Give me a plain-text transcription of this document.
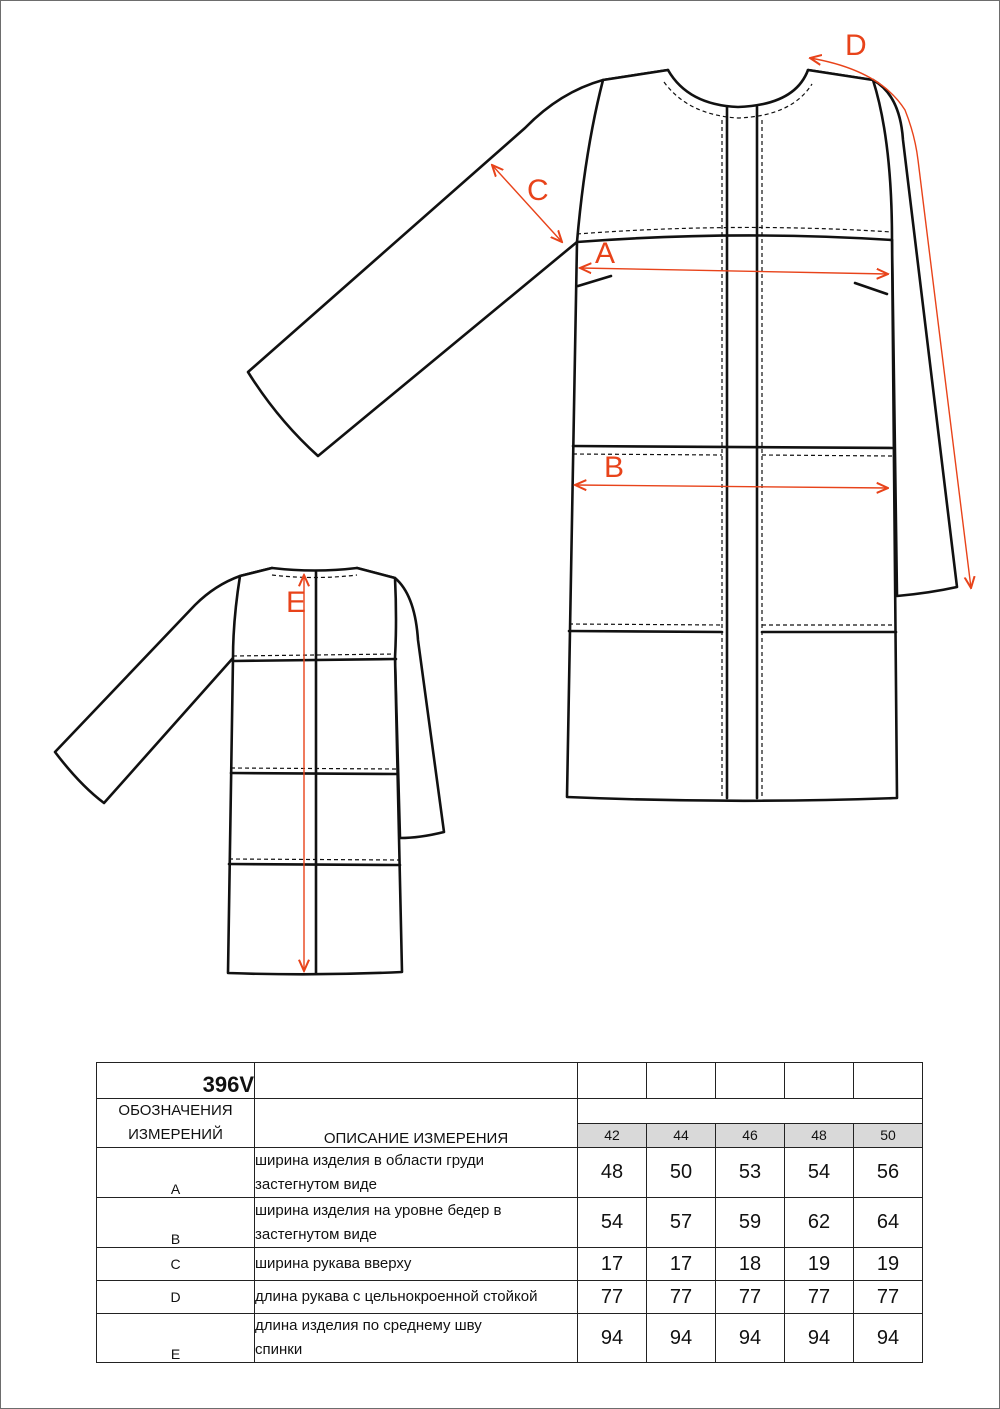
A
B
C
D
E
396V						
ОБОЗНАЧЕНИЯ ИЗМЕРЕНИЙ	ОПИСАНИЕ ИЗМЕРЕНИЯ					
		42	44	46	48	50
A	ширина изделия в области груди
застегнутом виде	48	50	53	54	56
B	ширина изделия на уровне бедер в
застегнутом виде	54	57	59	62	64
C	ширина рукава вверху	17	17	18	19	19
D	длина рукава с цельнокроенной стойкой	77	77	77	77	77
E	длина изделия по среднему шву
спинки	94	94	94	94	94
